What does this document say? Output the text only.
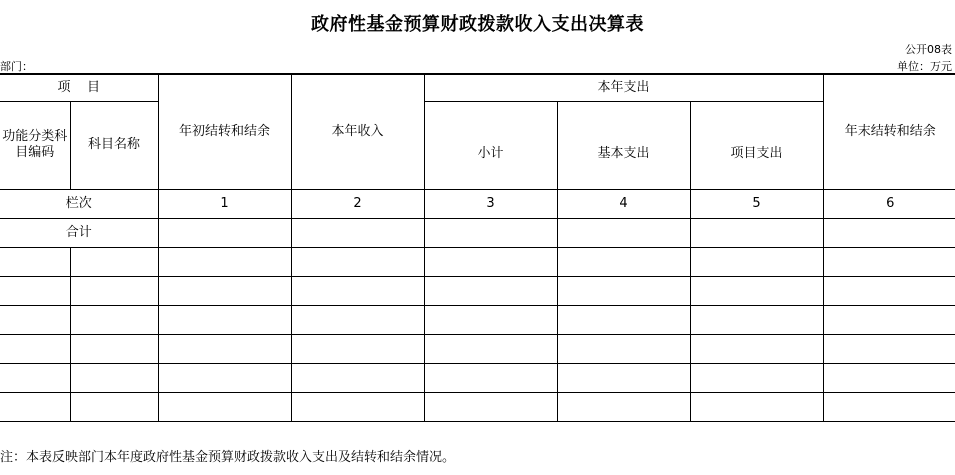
政府性基金预算财政拨款收入支出决算表
公开08表
部门：	单位：万元
项    目		年初结转和结余	本年收入	本年支出			年末结转和结余
功能分类科目编码	科目名称			小计	基本支出	项目支出	
栏次		1	2	3	4	5	6
合计							

注：本表反映部门本年度政府性基金预算财政拨款收入支出及结转和结余情况。
